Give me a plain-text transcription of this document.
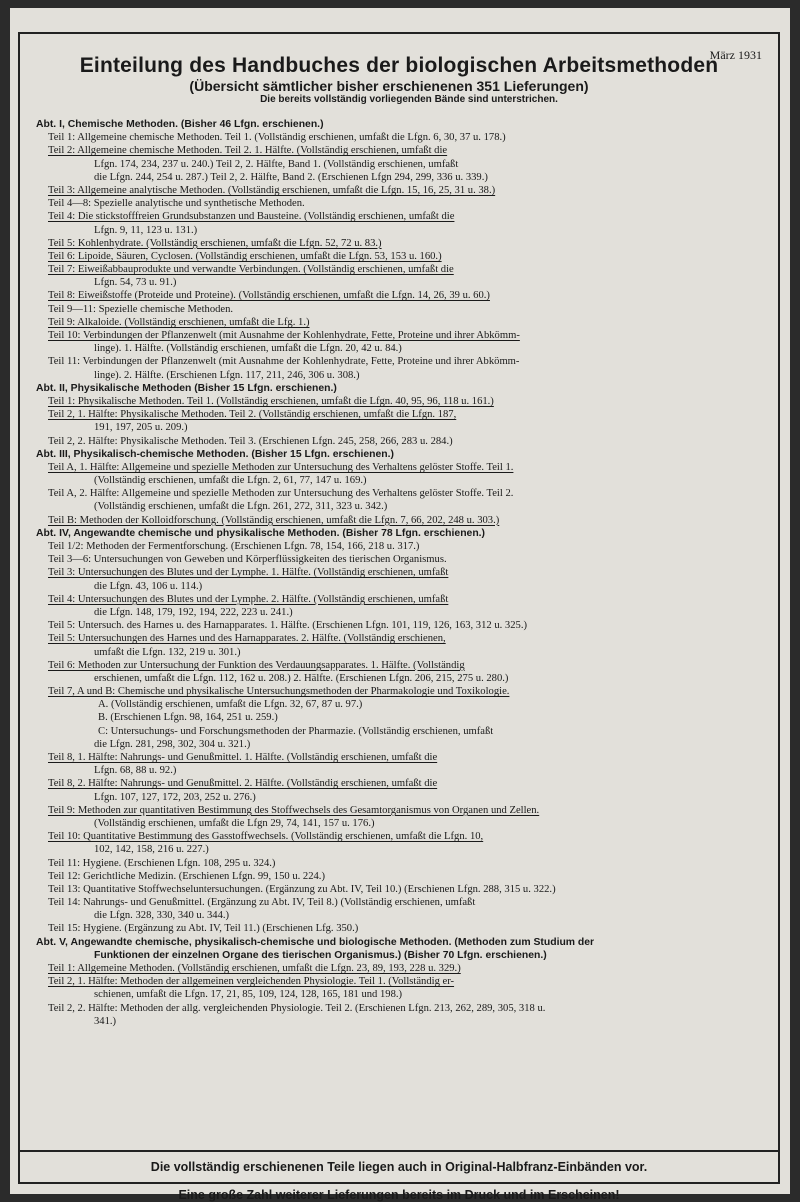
März 1931
Einteilung des Handbuches der biologischen Arbeitsmethoden
(Übersicht sämtlicher bisher erschienenen 351 Lieferungen)
Die bereits vollständig vorliegenden Bände sind unterstrichen.
Abt. I, Chemische Methoden. (Bisher 46 Lfgn. erschienen.)
Teil 1: Allgemeine chemische Methoden. Teil 1. (Vollständig erschienen, umfaßt die Lfgn. 6, 30, 37 u. 178.)
Teil 2: Allgemeine chemische Methoden. Teil 2. 1. Hälfte. (Vollständig erschienen, umfaßt die
Lfgn. 174, 234, 237 u. 240.) Teil 2, 2. Hälfte, Band 1. (Vollständig erschienen, umfaßt
die Lfgn. 244, 254 u. 287.) Teil 2, 2. Hälfte, Band 2. (Erschienen Lfgn 294, 299, 336 u. 339.)
Teil 3: Allgemeine analytische Methoden. (Vollständig erschienen, umfaßt die Lfgn. 15, 16, 25, 31 u. 38.)
Teil 4—8: Spezielle analytische und synthetische Methoden.
Teil 4: Die stickstofffreien Grundsubstanzen und Bausteine. (Vollständig erschienen, umfaßt die
Lfgn. 9, 11, 123 u. 131.)
Teil 5: Kohlenhydrate. (Vollständig erschienen, umfaßt die Lfgn. 52, 72 u. 83.)
Teil 6: Lipoide, Säuren, Cyclosen. (Vollständig erschienen, umfaßt die Lfgn. 53, 153 u. 160.)
Teil 7: Eiweißabbauprodukte und verwandte Verbindungen. (Vollständig erschienen, umfaßt die
Lfgn. 54, 73 u. 91.)
Teil 8: Eiweißstoffe (Proteide und Proteine). (Vollständig erschienen, umfaßt die Lfgn. 14, 26, 39 u. 60.)
Teil 9—11: Spezielle chemische Methoden.
Teil 9: Alkaloide. (Vollständig erschienen, umfaßt die Lfg. 1.)
Teil 10: Verbindungen der Pflanzenwelt (mit Ausnahme der Kohlenhydrate, Fette, Proteine und ihrer Abkömm-
linge). 1. Hälfte. (Vollständig erschienen, umfaßt die Lfgn. 20, 42 u. 84.)
Teil 11: Verbindungen der Pflanzenwelt (mit Ausnahme der Kohlenhydrate, Fette, Proteine und ihrer Abkömm-
linge). 2. Hälfte. (Erschienen Lfgn. 117, 211, 246, 306 u. 308.)
Abt. II, Physikalische Methoden (Bisher 15 Lfgn. erschienen.)
Teil 1: Physikalische Methoden. Teil 1. (Vollständig erschienen, umfaßt die Lfgn. 40, 95, 96, 118 u. 161.)
Teil 2, 1. Hälfte: Physikalische Methoden. Teil 2. (Vollständig erschienen, umfaßt die Lfgn. 187,
191, 197, 205 u. 209.)
Teil 2, 2. Hälfte: Physikalische Methoden. Teil 3. (Erschienen Lfgn. 245, 258, 266, 283 u. 284.)
Abt. III, Physikalisch-chemische Methoden. (Bisher 15 Lfgn. erschienen.)
Teil A, 1. Hälfte: Allgemeine und spezielle Methoden zur Untersuchung des Verhaltens gelöster Stoffe. Teil 1.
(Vollständig erschienen, umfaßt die Lfgn. 2, 61, 77, 147 u. 169.)
Teil A, 2. Hälfte: Allgemeine und spezielle Methoden zur Untersuchung des Verhaltens gelöster Stoffe. Teil 2.
(Vollständig erschienen, umfaßt die Lfgn. 261, 272, 311, 323 u. 342.)
Teil B: Methoden der Kolloidforschung. (Vollständig erschienen, umfaßt die Lfgn. 7, 66, 202, 248 u. 303.)
Abt. IV, Angewandte chemische und physikalische Methoden. (Bisher 78 Lfgn. erschienen.)
Teil 1/2: Methoden der Fermentforschung. (Erschienen Lfgn. 78, 154, 166, 218 u. 317.)
Teil 3—6: Untersuchungen von Geweben und Körperflüssigkeiten des tierischen Organismus.
Teil 3: Untersuchungen des Blutes und der Lymphe. 1. Hälfte. (Vollständig erschienen, umfaßt
die Lfgn. 43, 106 u. 114.)
Teil 4: Untersuchungen des Blutes und der Lymphe. 2. Hälfte. (Vollständig erschienen, umfaßt
die Lfgn. 148, 179, 192, 194, 222, 223 u. 241.)
Teil 5: Untersuch. des Harnes u. des Harnapparates. 1. Hälfte. (Erschienen Lfgn. 101, 119, 126, 163, 312 u. 325.)
Teil 5: Untersuchungen des Harnes und des Harnapparates. 2. Hälfte. (Vollständig erschienen,
umfaßt die Lfgn. 132, 219 u. 301.)
Teil 6: Methoden zur Untersuchung der Funktion des Verdauungsapparates. 1. Hälfte. (Vollständig
erschienen, umfaßt die Lfgn. 112, 162 u. 208.) 2. Hälfte. (Erschienen Lfgn. 206, 215, 275 u. 280.)
Teil 7, A und B: Chemische und physikalische Untersuchungsmethoden der Pharmakologie und Toxikologie.
A. (Vollständig erschienen, umfaßt die Lfgn. 32, 67, 87 u. 97.)
B. (Erschienen Lfgn. 98, 164, 251 u. 259.)
C: Untersuchungs- und Forschungsmethoden der Pharmazie. (Vollständig erschienen, umfaßt
die Lfgn. 281, 298, 302, 304 u. 321.)
Teil 8, 1. Hälfte: Nahrungs- und Genußmittel. 1. Hälfte. (Vollständig erschienen, umfaßt die
Lfgn. 68, 88 u. 92.)
Teil 8, 2. Hälfte: Nahrungs- und Genußmittel. 2. Hälfte. (Vollständig erschienen, umfaßt die
Lfgn. 107, 127, 172, 203, 252 u. 276.)
Teil 9: Methoden zur quantitativen Bestimmung des Stoffwechsels des Gesamtorganismus von Organen und Zellen.
(Vollständig erschienen, umfaßt die Lfgn 29, 74, 141, 157 u. 176.)
Teil 10: Quantitative Bestimmung des Gasstoffwechsels. (Vollständig erschienen, umfaßt die Lfgn. 10,
102, 142, 158, 216 u. 227.)
Teil 11: Hygiene. (Erschienen Lfgn. 108, 295 u. 324.)
Teil 12: Gerichtliche Medizin. (Erschienen Lfgn. 99, 150 u. 224.)
Teil 13: Quantitative Stoffwechseluntersuchungen. (Ergänzung zu Abt. IV, Teil 10.) (Erschienen Lfgn. 288, 315 u. 322.)
Teil 14: Nahrungs- und Genußmittel. (Ergänzung zu Abt. IV, Teil 8.) (Vollständig erschienen, umfaßt
die Lfgn. 328, 330, 340 u. 344.)
Teil 15: Hygiene. (Ergänzung zu Abt. IV, Teil 11.) (Erschienen Lfg. 350.)
Abt. V, Angewandte chemische, physikalisch-chemische und biologische Methoden. (Methoden zum Studium der
Funktionen der einzelnen Organe des tierischen Organismus.) (Bisher 70 Lfgn. erschienen.)
Teil 1: Allgemeine Methoden. (Vollständig erschienen, umfaßt die Lfgn. 23, 89, 193, 228 u. 329.)
Teil 2, 1. Hälfte: Methoden der allgemeinen vergleichenden Physiologie. Teil 1. (Vollständig er-
schienen, umfaßt die Lfgn. 17, 21, 85, 109, 124, 128, 165, 181 und 198.)
Teil 2, 2. Hälfte: Methoden der allg. vergleichenden Physiologie. Teil 2. (Erschienen Lfgn. 213, 262, 289, 305, 318 u.
341.)
Die vollständig erschienenen Teile liegen auch in Original-Halbfranz-Einbänden vor.
Eine große Zahl weiterer Lieferungen bereits im Druck und im Erscheinen!
